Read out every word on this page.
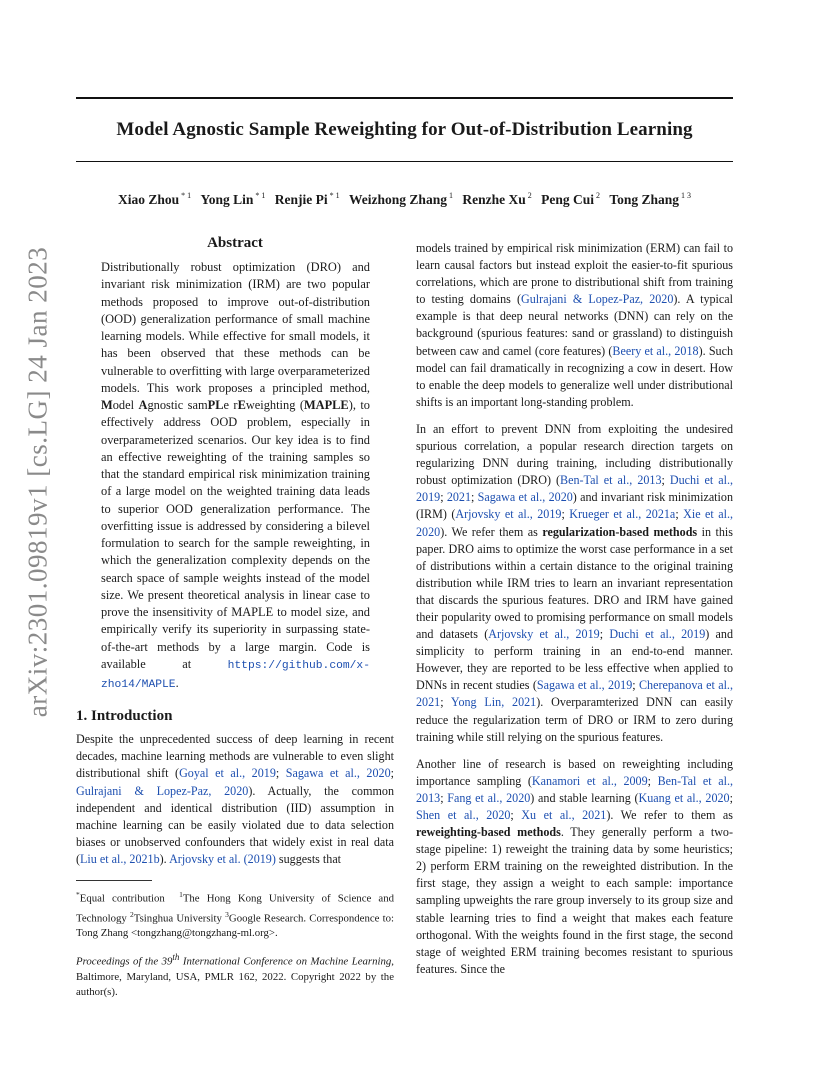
Model Agnostic Sample Reweighting for Out-of-Distribution Learning
Xiao Zhou $^{* 1}$ Yong Lin $^{* 1}$ Renjie Pi $^{* 1}$ Weizhong Zhang $^1$ Renzhe Xu $^2$ Peng Cui $^2$ Tong Zhang $^{1 3}$
arXiv:2301.09819v1 [cs.LG] 24 Jan 2023
Abstract
Distributionally robust optimization (DRO) and invariant risk minimization (IRM) are two popular methods proposed to improve out-of-distribution (OOD) generalization performance of small machine learning models. While effective for small models, it has been observed that these methods can be vulnerable to overfitting with large overparameterized models. This work proposes a principled method, Model Agnostic samPLe rEweighting (MAPLE), to effectively address OOD problem, especially in overparameterized scenarios. Our key idea is to find an effective reweighting of the training samples so that the standard empirical risk minimization training of a large model on the weighted training data leads to superior OOD generalization performance. The overfitting issue is addressed by considering a bilevel formulation to search for the sample reweighting, in which the generalization complexity depends on the search space of sample weights instead of the model size. We present theoretical analysis in linear case to prove the insensitivity of MAPLE to model size, and empirically verify its superiority in surpassing state-of-the-art methods by a large margin. Code is available at https://github.com/x-zho14/MAPLE.
1. Introduction

Despite the unprecedented success of deep learning in recent decades, machine learning methods are vulnerable to even slight distributional shift (Goyal et al., 2019; Sagawa et al., 2020; Gulrajani & Lopez-Paz, 2020). Actually, the common independent and identical distribution (IID) assumption in machine learning can be easily violated due to data selection biases or unobserved confounders that widely exist in real data (Liu et al., 2021b). Arjovsky et al. (2019) suggests that

*Equal contribution $^1$The Hong Kong University of Science and Technology $^2$Tsinghua University $^3$Google Research. Correspondence to: Tong Zhang <tongzhang@tongzhang-ml.org>.
Proceedings of the 39th International Conference on Machine Learning, Baltimore, Maryland, USA, PMLR 162, 2022. Copyright 2022 by the author(s).

models trained by empirical risk minimization (ERM) can fail to learn causal factors but instead exploit the easier-to-fit spurious correlations, which are prone to distributional shift from training to testing domains (Gulrajani & Lopez-Paz, 2020). A typical example is that deep neural networks (DNN) can rely on the background (spurious features: sand or grassland) to distinguish between caw and camel (core features) (Beery et al., 2018). Such model can fail dramatically in recognizing a cow in desert. How to enable the deep models to generalize well under distributional shifts is an important long-standing problem.

In an effort to prevent DNN from exploiting the undesired spurious correlation, a popular research direction targets on regularizing DNN during training, including distributionally robust optimization (DRO) (Ben-Tal et al., 2013; Duchi et al., 2019; 2021; Sagawa et al., 2020) and invariant risk minimization (IRM) (Arjovsky et al., 2019; Krueger et al., 2021a; Xie et al., 2020). We refer them as regularization-based methods in this paper. DRO aims to optimize the worst case performance in a set of distributions within a certain distance to the original training distribution while IRM tries to learn an invariant representation that discards the spurious features. DRO and IRM have gained their popularity owed to promising performance on small models and datasets (Arjovsky et al., 2019; Duchi et al., 2019) and simplicity to perform training in an end-to-end manner. However, they are reported to be less effective when applied to DNNs in recent studies (Sagawa et al., 2019; Cherepanova et al., 2021; Yong Lin, 2021). Overparamterized DNN can easily reduce the regularization term of DRO or IRM to zero during training while still relying on the spurious features.

Another line of research is based on reweighting including importance sampling (Kanamori et al., 2009; Ben-Tal et al., 2013; Fang et al., 2020) and stable learning (Kuang et al., 2020; Shen et al., 2020; Xu et al., 2021). We refer to them as reweighting-based methods. They generally perform a two-stage pipeline: 1) reweight the training data by some heuristics; 2) perform ERM training on the reweighted distribution. In the first stage, they assign a weight to each sample: importance sampling upweights the rare group inversely to its group size and stable learning tries to find a weight that makes each feature orthogonal. With the weights found in the first stage, the second stage of weighted ERM training becomes resistant to spurious features. Since the
